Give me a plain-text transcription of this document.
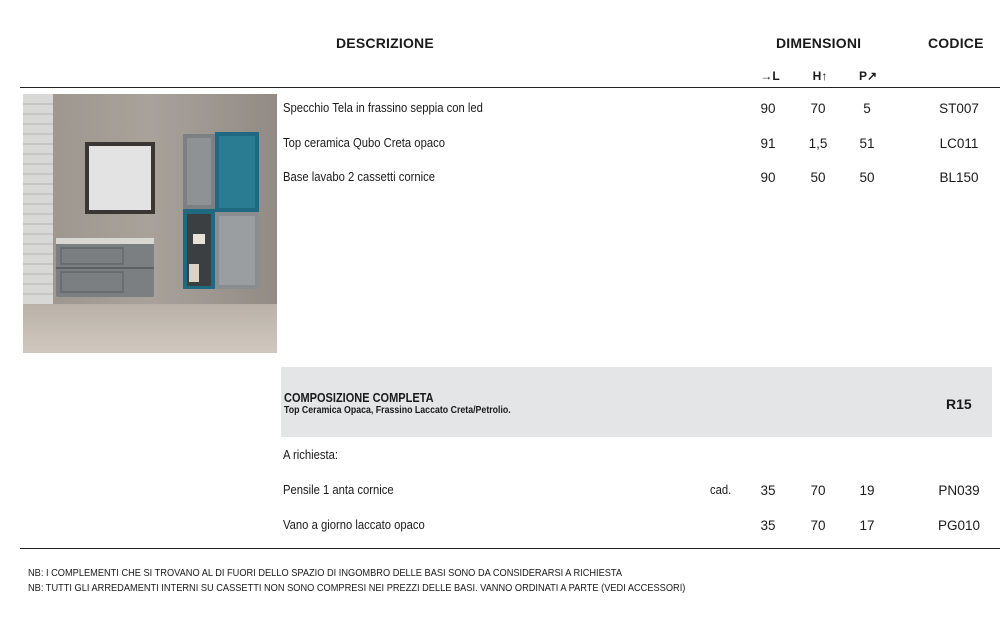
DESCRIZIONE	DIMENSIONI	CODICE
→L	H↑	P↗
Specchio Tela in frassino seppia con led	90	70	5	ST007
Top ceramica Qubo Creta opaco	91	1,5	51	LC011
Base lavabo 2 cassetti cornice	90	50	50	BL150
COMPOSIZIONE COMPLETA
Top Ceramica Opaca, Frassino Laccato Creta/Petrolio.	R15
A richiesta:
Pensile 1 anta cornice	cad.	35	70	19	PN039
Vano a giorno laccato opaco	35	70	17	PG010
NB: I COMPLEMENTI CHE SI TROVANO AL DI FUORI DELLO SPAZIO DI INGOMBRO DELLE BASI SONO DA CONSIDERARSI A RICHIESTA
NB: TUTTI GLI ARREDAMENTI INTERNI SU CASSETTI NON SONO COMPRESI NEI PREZZI DELLE BASI. VANNO ORDINATI A PARTE (VEDI ACCESSORI)
